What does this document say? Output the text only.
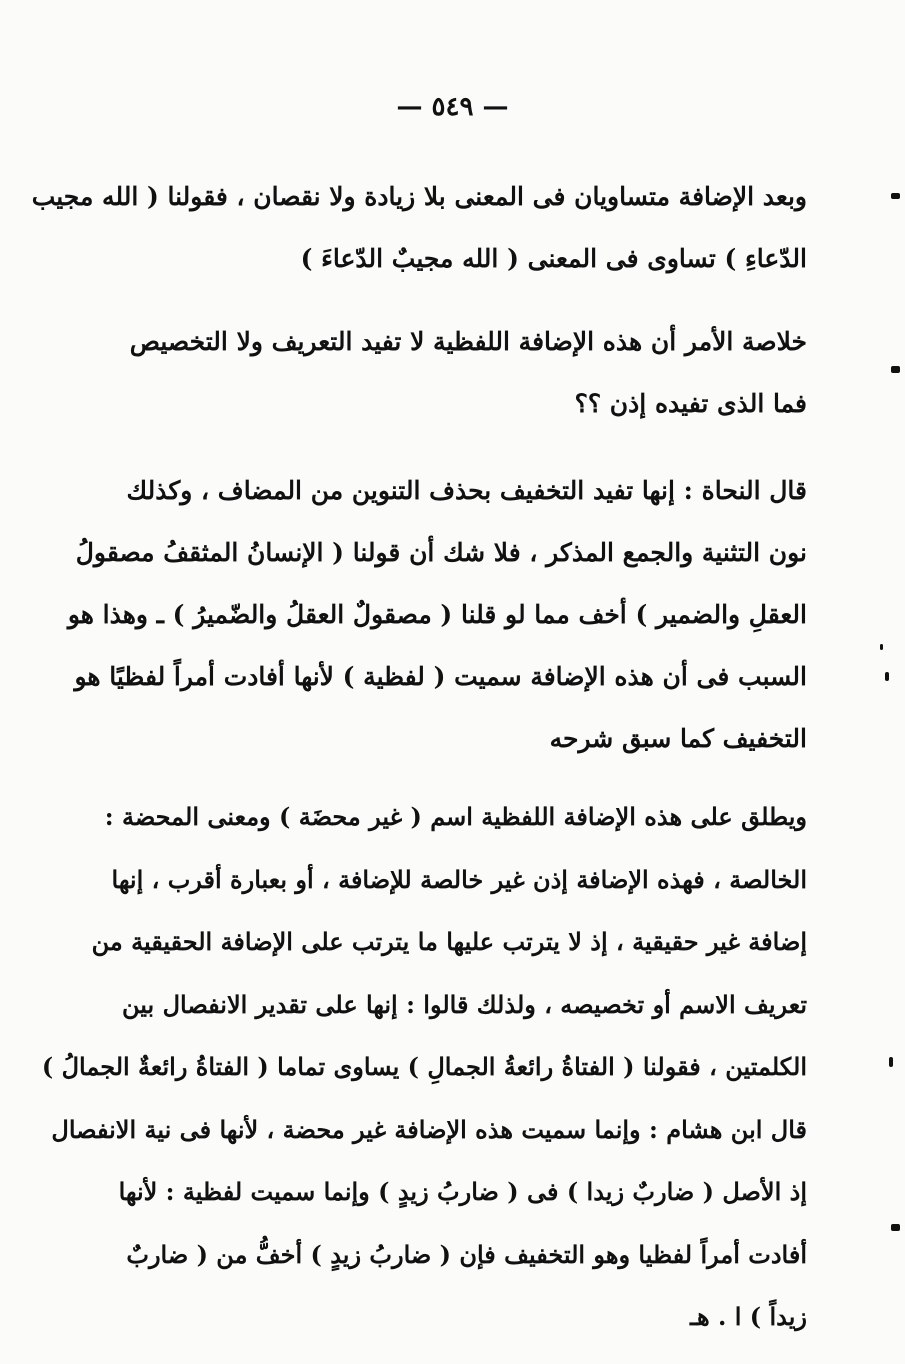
— ٥٤٩ —
وبعد الإضافة متساويان فى المعنى بلا زيادة ولا نقصان ، فقولنا ( الله مجيب
الدّعاءِ ) تساوى فى المعنى ( الله مجيبٌ الدّعاءَ )
خلاصة الأمر أن هذه الإضافة اللفظية لا تفيد التعريف ولا التخصيص
فما الذى تفيده إذن ؟؟
قال النحاة : إنها تفيد التخفيف بحذف التنوين من المضاف ، وكذلك
نون التثنية والجمع المذكر ، فلا شك أن قولنا ( الإنسانُ المثقفُ مصقولُ
العقلِ والضمير ) أخف مما لو قلنا ( مصقولٌ العقلُ والضّميرُ ) ـ وهذا هو
السبب فى أن هذه الإضافة سميت ( لفظية ) لأنها أفادت أمراً لفظيًا هو
التخفيف كما سبق شرحه
ويطلق على هذه الإضافة اللفظية اسم ( غير محضَة ) ومعنى المحضة :
الخالصة ، فهذه الإضافة إذن غير خالصة للإضافة ، أو بعبارة أقرب ، إنها
إضافة غير حقيقية ، إذ لا يترتب عليها ما يترتب على الإضافة الحقيقية من
تعريف الاسم أو تخصيصه ، ولذلك قالوا : إنها على تقدير الانفصال بين
الكلمتين ، فقولنا ( الفتاةُ رائعةُ الجمالِ ) يساوى تماما ( الفتاةُ رائعةٌ الجمالُ )
قال ابن هشام : وإنما سميت هذه الإضافة غير محضة ، لأنها فى نية الانفصال
إذ الأصل ( ضاربٌ زيدا ) فى ( ضاربُ زيدٍ ) وإنما سميت لفظية : لأنها
أفادت أمراً لفظيا وهو التخفيف فإن ( ضاربُ زيدٍ ) أخفُّ من ( ضاربٌ
زيداً ) ا . هـ
